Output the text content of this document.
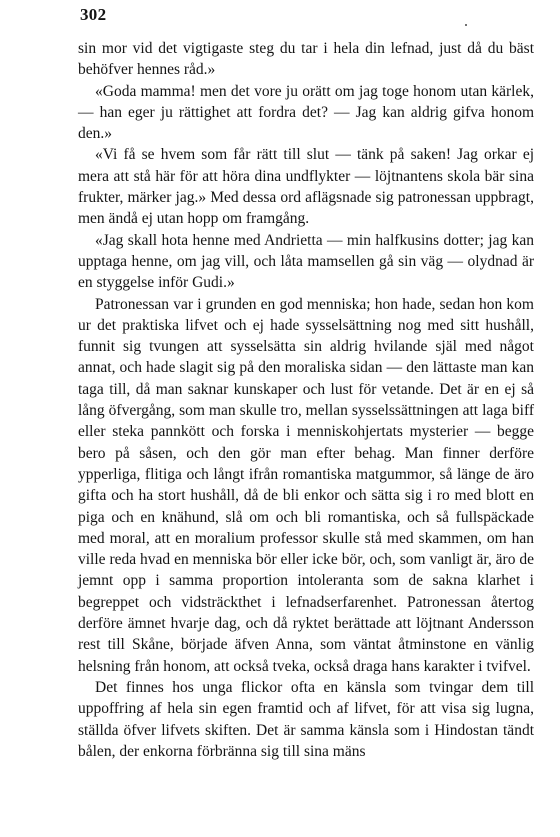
302

sin mor vid det vigtigaste steg du tar i hela din lefnad, just då du bäst behöfver hennes råd.»

«Goda mamma! men det vore ju orätt om jag toge honom utan kärlek, — han eger ju rättighet att fordra det? — Jag kan aldrig gifva honom den.»

«Vi få se hvem som får rätt till slut — tänk på saken! Jag orkar ej mera att stå här för att höra dina undflykter — löjtnantens skola bär sina frukter, märker jag.» Med dessa ord aflägsnade sig patronessan uppbragt, men ändå ej utan hopp om framgång.

«Jag skall hota henne med Andrietta — min halfkusins dotter; jag kan upptaga henne, om jag vill, och låta mamsellen gå sin väg — olydnad är en styggelse inför Gudi.»

Patronessan var i grunden en god menniska; hon hade, sedan hon kom ur det praktiska lifvet och ej hade sysselsättning nog med sitt hushåll, funnit sig tvungen att sysselsätta sin aldrig hvilande själ med något annat, och hade slagit sig på den moraliska sidan — den lättaste man kan taga till, då man saknar kunskaper och lust för vetande. Det är en ej så lång öfvergång, som man skulle tro, mellan sysselssättningen att laga biff eller steka pannkött och forska i menniskohjertats mysterier — begge bero på såsen, och den gör man efter behag. Man finner derföre ypperliga, flitiga och långt ifrån romantiska matgummor, så länge de äro gifta och ha stort hushåll, då de bli enkor och sätta sig i ro med blott en piga och en knähund, slå om och bli romantiska, och så fullspäckade med moral, att en moralium professor skulle stå med skammen, om han ville reda hvad en menniska bör eller icke bör, och, som vanligt är, äro de jemnt opp i samma proportion intoleranta som de sakna klarhet i begreppet och vidsträckthet i lefnadserfarenhet. Patronessan återtog derföre ämnet hvarje dag, och då ryktet berättade att löjtnant Andersson rest till Skåne, började äfven Anna, som väntat åtminstone en vänlig helsning från honom, att också tveka, också draga hans karakter i tvifvel.

Det finnes hos unga flickor ofta en känsla som tvingar dem till uppoffring af hela sin egen framtid och af lifvet, för att visa sig lugna, ställda öfver lifvets skiften. Det är samma känsla som i Hindostan tändt bålen, der enkorna förbränna sig till sina mäns
